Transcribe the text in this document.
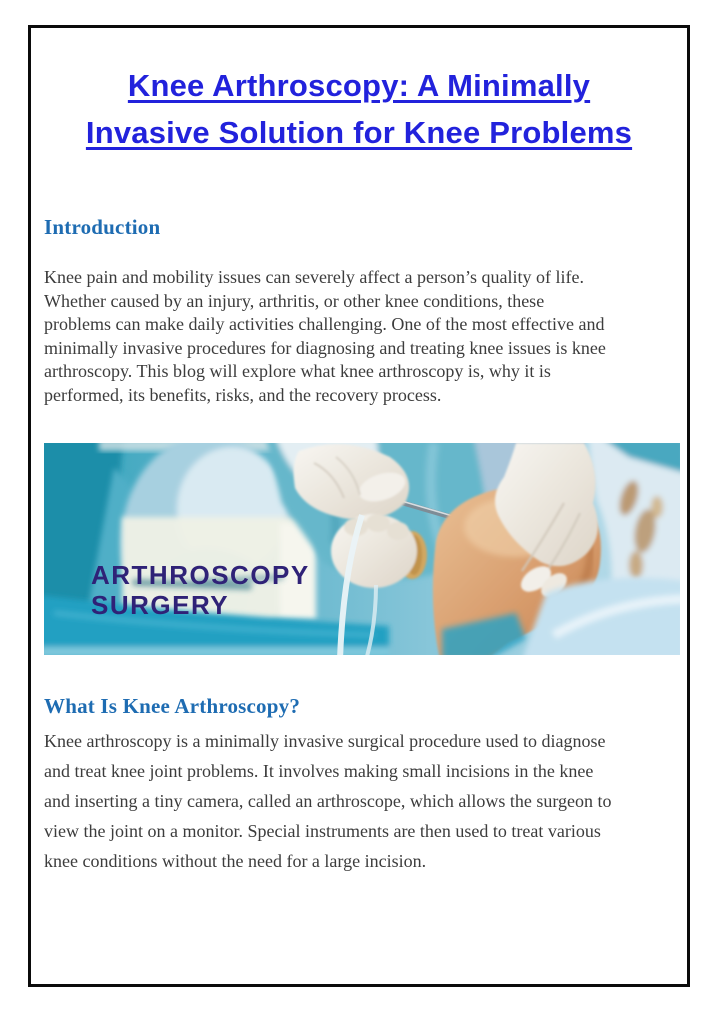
Knee Arthroscopy: A Minimally
Invasive Solution for Knee Problems
Introduction
Knee pain and mobility issues can severely affect a person’s quality of life.
Whether caused by an injury, arthritis, or other knee conditions, these
problems can make daily activities challenging. One of the most effective and
minimally invasive procedures for diagnosing and treating knee issues is knee
arthroscopy. This blog will explore what knee arthroscopy is, why it is
performed, its benefits, risks, and the recovery process.
ARTHROSCOPY
SURGERY
What Is Knee Arthroscopy?
Knee arthroscopy is a minimally invasive surgical procedure used to diagnose
and treat knee joint problems. It involves making small incisions in the knee
and inserting a tiny camera, called an arthroscope, which allows the surgeon to
view the joint on a monitor. Special instruments are then used to treat various
knee conditions without the need for a large incision.
